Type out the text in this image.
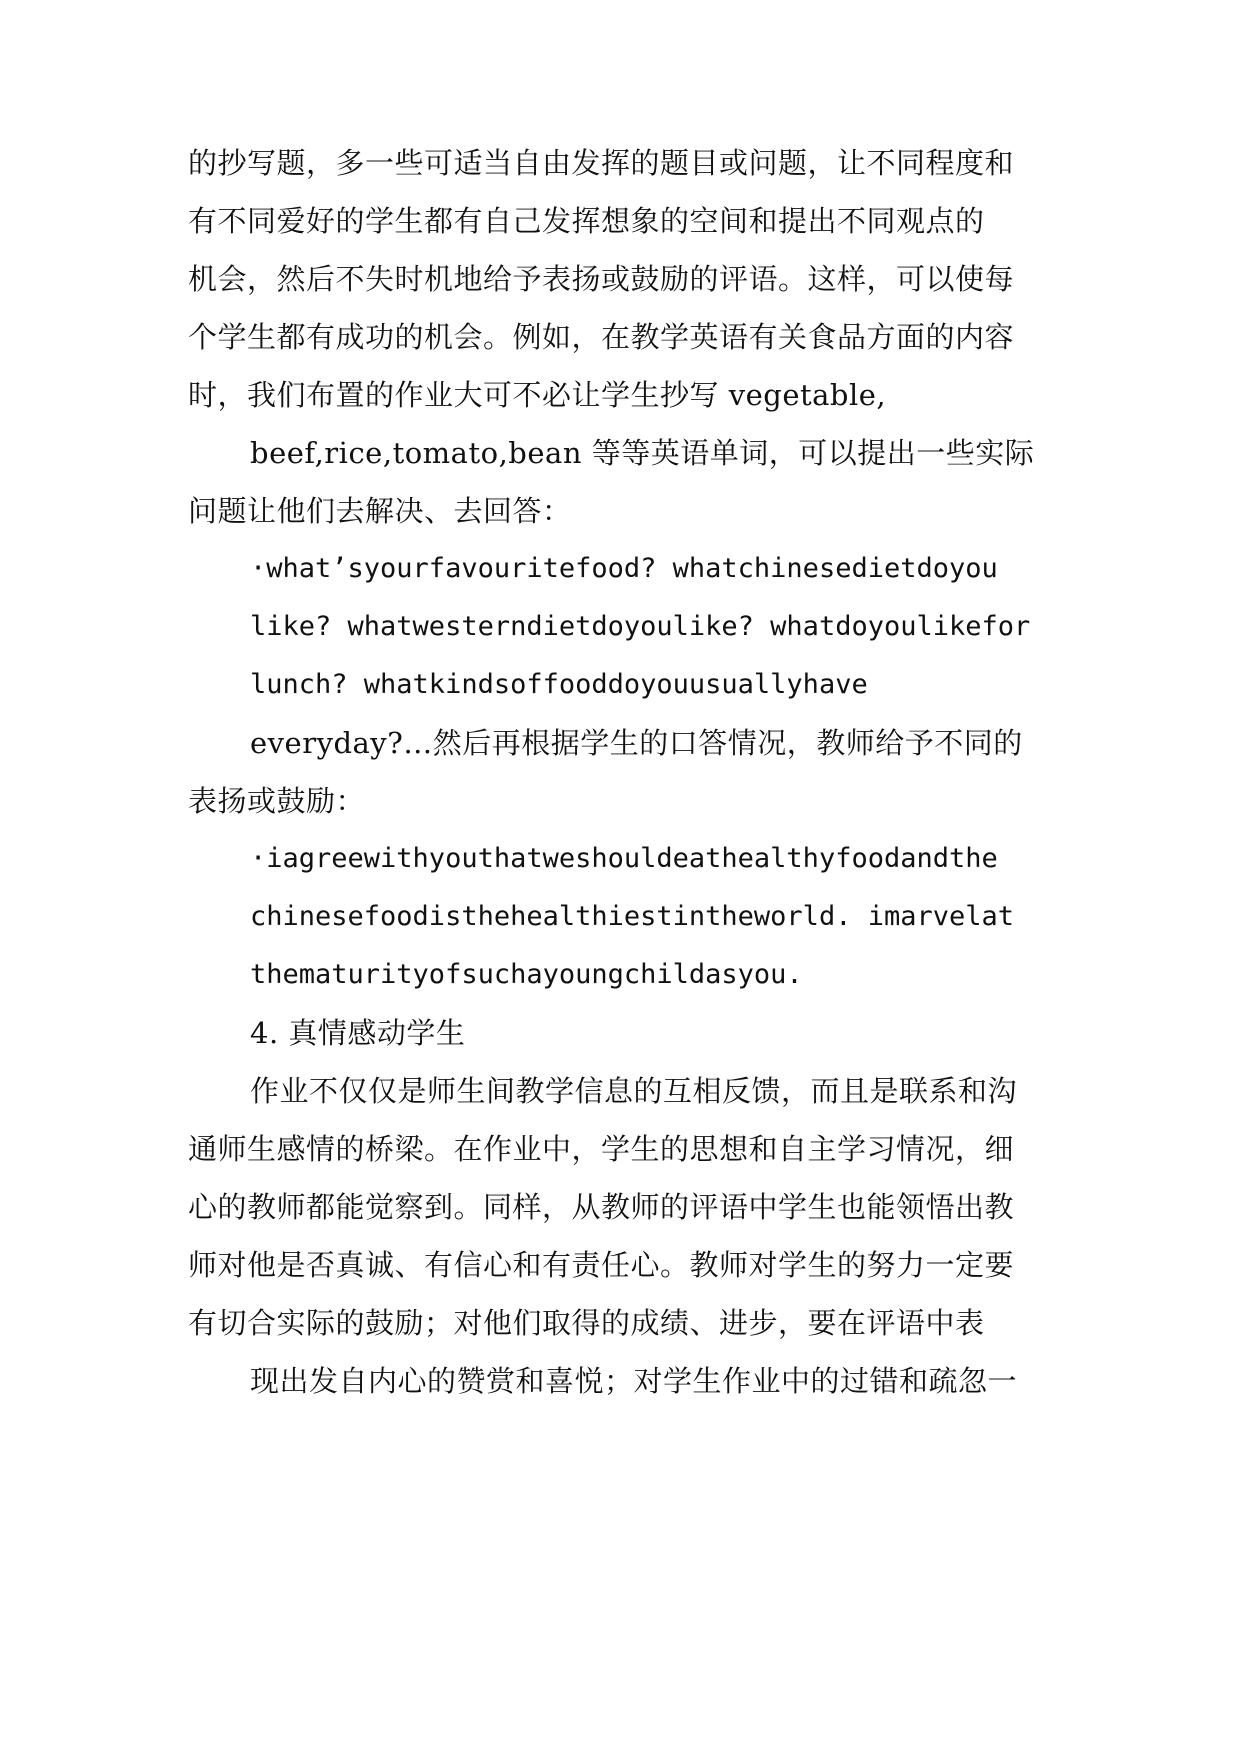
的抄写题，多一些可适当自由发挥的题目或问题，让不同程度和
有不同爱好的学生都有自己发挥想象的空间和提出不同观点的
机会，然后不失时机地给予表扬或鼓励的评语。这样，可以使每
个学生都有成功的机会。例如，在教学英语有关食品方面的内容
时，我们布置的作业大可不必让学生抄写 vegetable,
beef,rice,tomato,bean 等等英语单词，可以提出一些实际
问题让他们去解决、去回答：
·what’syourfavouritefood? whatchinesedietdoyou
like? whatwesterndietdoyoulike? whatdoyoulikefor
lunch? whatkindsoffooddoyouusuallyhave
everyday?…然后再根据学生的口答情况，教师给予不同的
表扬或鼓励：
·iagreewithyouthatweshouldeathealthyfoodandthe
chinesefoodisthehealthiestintheworld. imarvelat
thematurityofsuchayoungchildasyou.
4. 真情感动学生
作业不仅仅是师生间教学信息的互相反馈，而且是联系和沟
通师生感情的桥梁。在作业中，学生的思想和自主学习情况，细
心的教师都能觉察到。同样，从教师的评语中学生也能领悟出教
师对他是否真诚、有信心和有责任心。教师对学生的努力一定要
有切合实际的鼓励；对他们取得的成绩、进步，要在评语中表
现出发自内心的赞赏和喜悦；对学生作业中的过错和疏忽一
